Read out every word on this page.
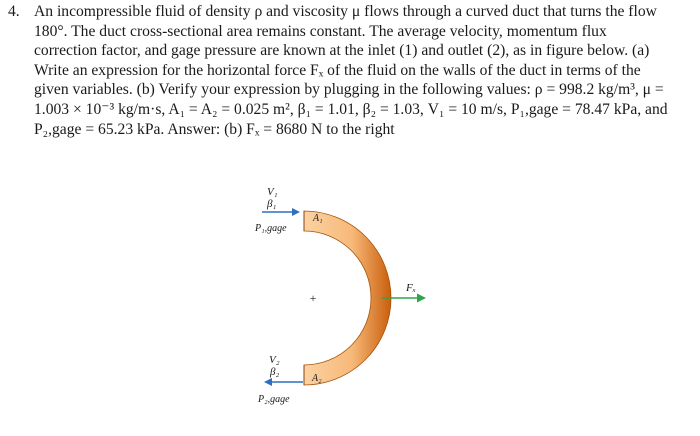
4. An incompressible fluid of density ρ and viscosity μ flows through a curved duct that turns the flow
180°. The duct cross-sectional area remains constant. The average velocity, momentum flux
correction factor, and gage pressure are known at the inlet (1) and outlet (2), as in figure below. (a)
Write an expression for the horizontal force Fₓ of the fluid on the walls of the duct in terms of the
given variables. (b) Verify your expression by plugging in the following values: ρ = 998.2 kg/m³, μ =
1.003 × 10⁻³ kg/m·s, A₁ = A₂ = 0.025 m², β₁ = 1.01, β₂ = 1.03, V₁ = 10 m/s, P₁,gage = 78.47 kPa, and
P₂,gage = 65.23 kPa. Answer: (b) Fₓ = 8680 N to the right
+
V₁
β₁
P₁,gage
A₁
V₂
β₂
P₂,gage
A₂
Fₓ
